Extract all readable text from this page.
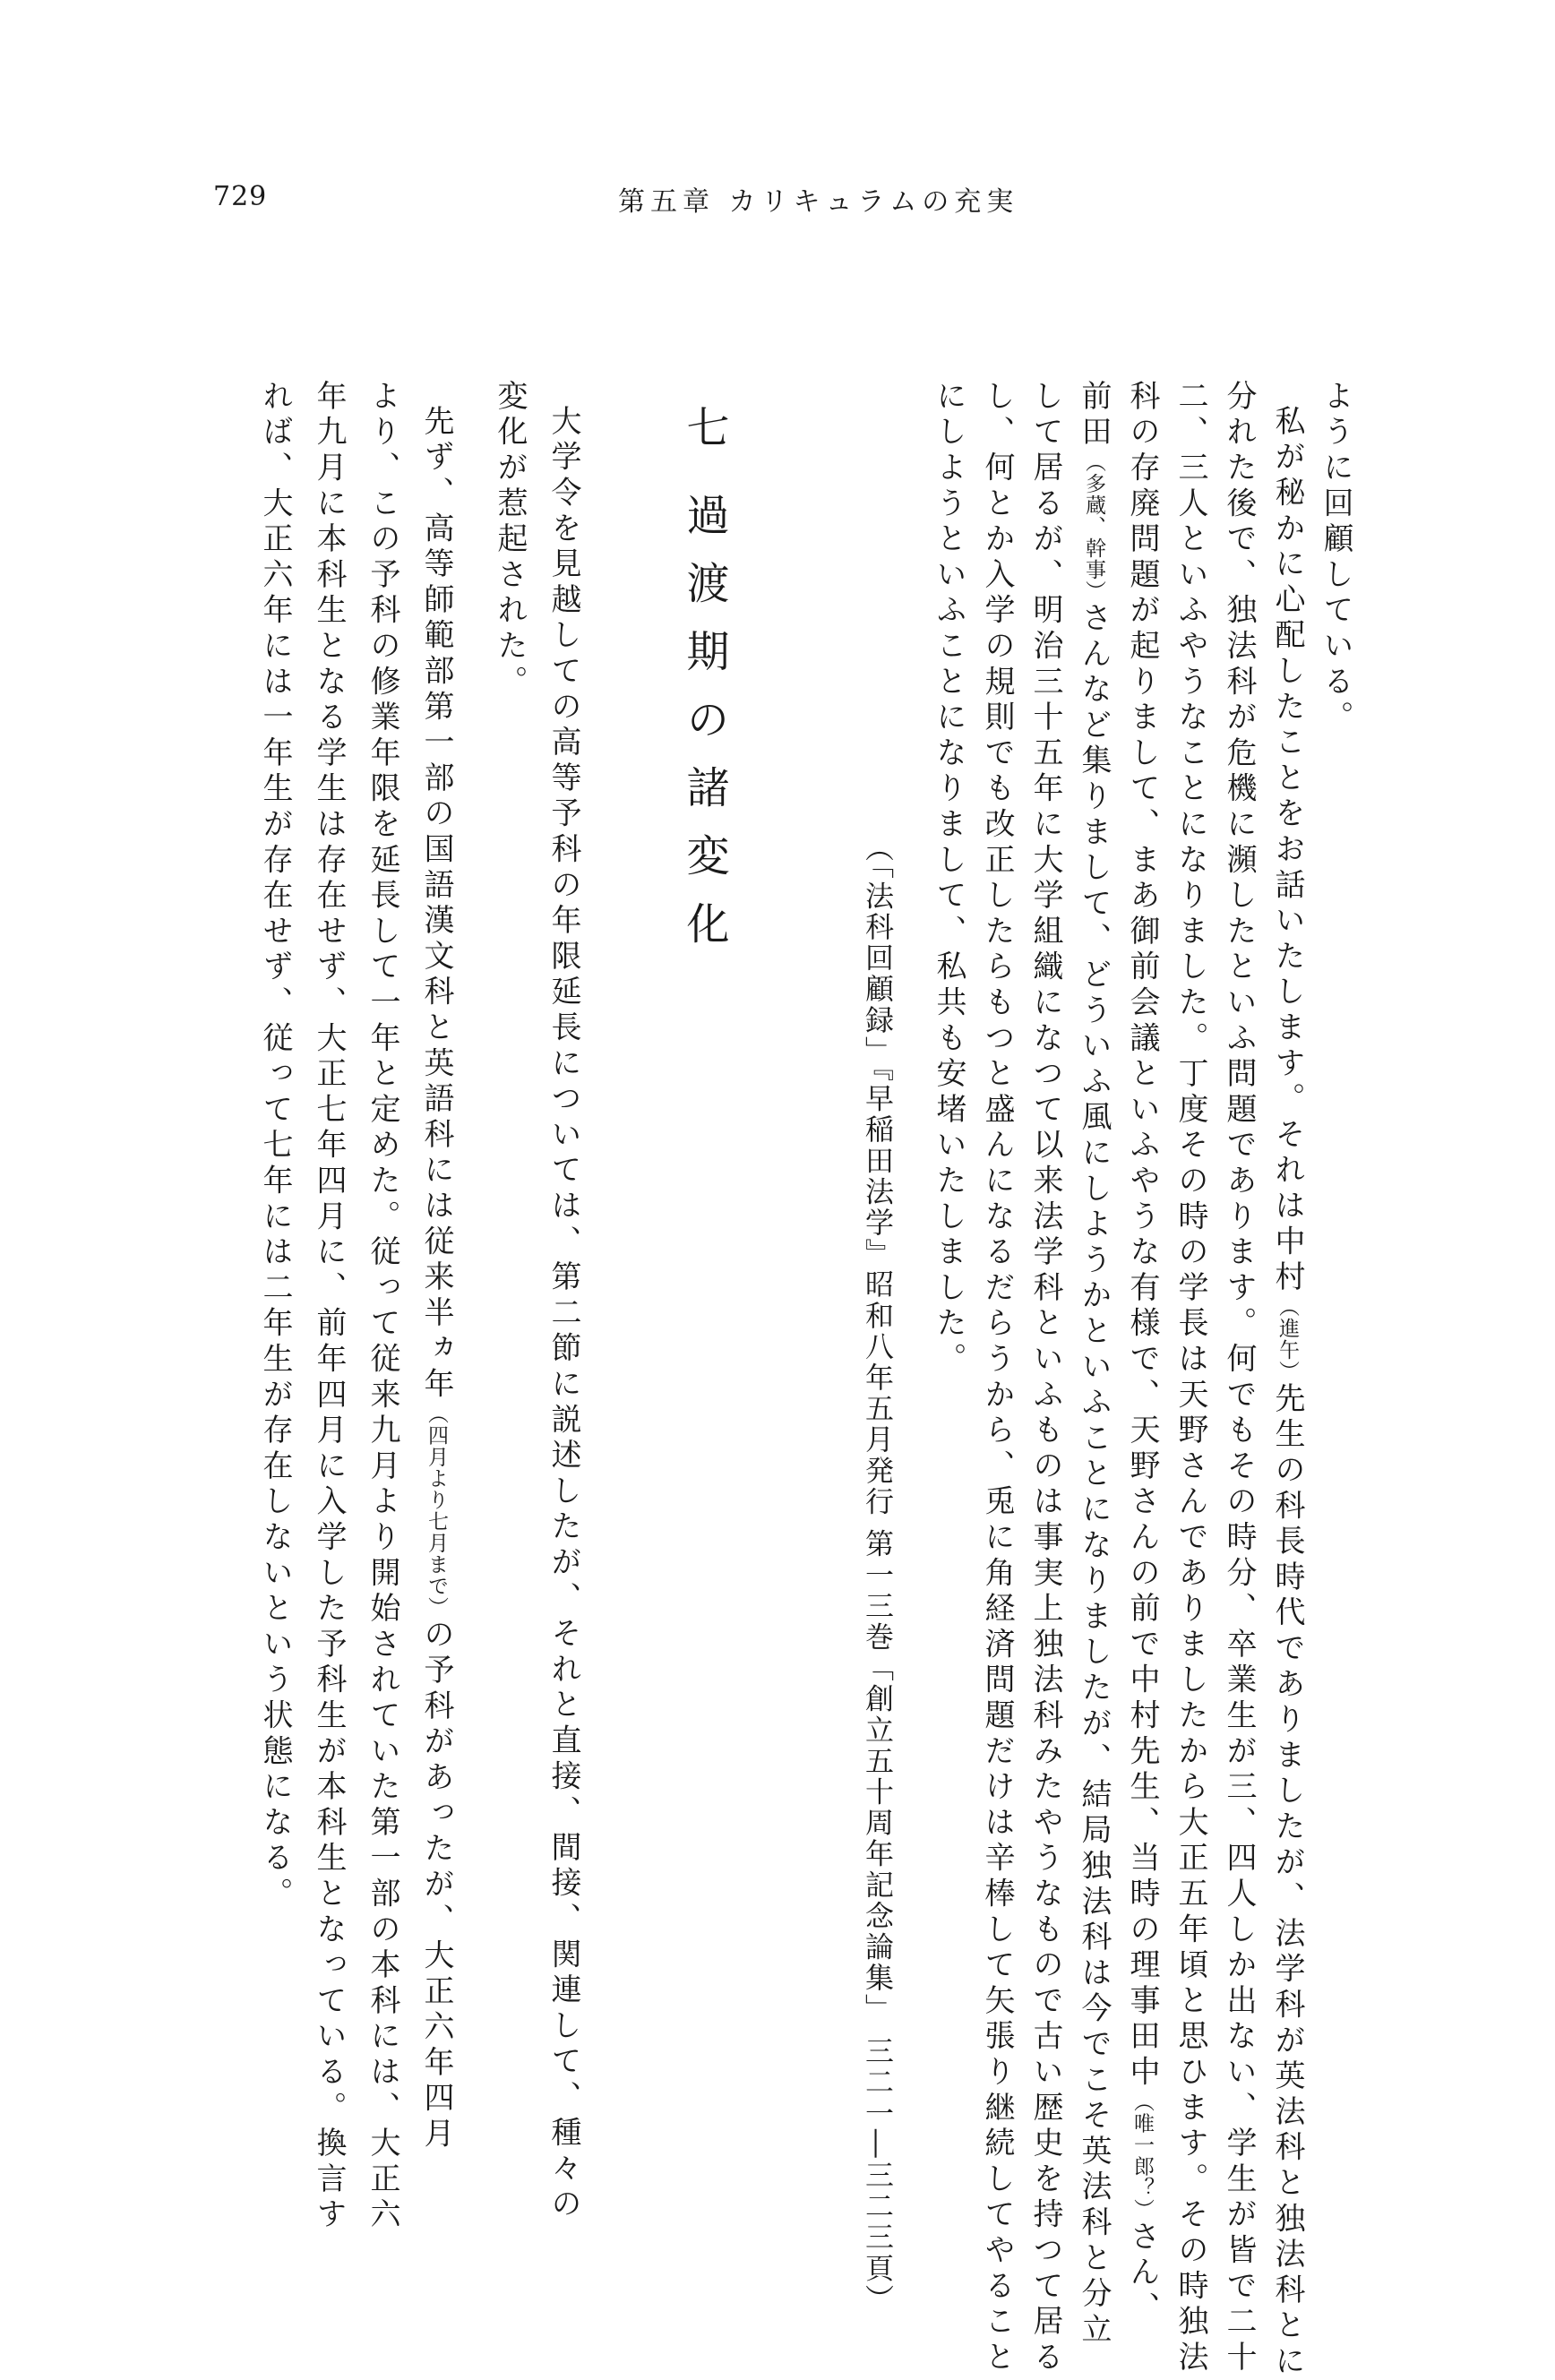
729	第五章 カリキュラムの充実
ように回顧している。
私が秘かに心配したことをお話いたします。それは中村（進午）先生の科長時代でありましたが、法学科が英法科と独法科とに
分れた後で、独法科が危機に瀕したといふ問題であります。何でもその時分、卒業生が三、四人しか出ない、学生が皆で二十
二、三人といふやうなことになりました。丁度その時の学長は天野さんでありましたから大正五年頃と思ひます。その時独法
科の存廃問題が起りまして、まあ御前会議といふやうな有様で、天野さんの前で中村先生、当時の理事田中（唯一郎？）さん、
前田（多蔵、幹事）さんなど集りまして、どういふ風にしようかといふことになりましたが、結局独法科は今でこそ英法科と分立
して居るが、明治三十五年に大学組織になつて以来法学科といふものは事実上独法科みたやうなもので古い歴史を持つて居る
し、何とか入学の規則でも改正したらもつと盛んになるだらうから、兎に角経済問題だけは辛棒して矢張り継続してやること
にしようといふことになりまして、私共も安堵いたしました。
（「法科回顧録」『早稲田法学』昭和八年五月発行 第一三巻「創立五十周年記念論集」 三二一―三二三頁）
七過渡期の諸変化
大学令を見越しての高等予科の年限延長については、第二節に説述したが、それと直接、間接、関連して、種々の
変化が惹起された。
先ず、高等師範部第一部の国語漢文科と英語科には従来半ヵ年（四月より七月まで）の予科があったが、大正六年四月
より、この予科の修業年限を延長して一年と定めた。従って従来九月より開始されていた第一部の本科には、大正六
年九月に本科生となる学生は存在せず、大正七年四月に、前年四月に入学した予科生が本科生となっている。換言す
れば、大正六年には一年生が存在せず、従って七年には二年生が存在しないという状態になる。
